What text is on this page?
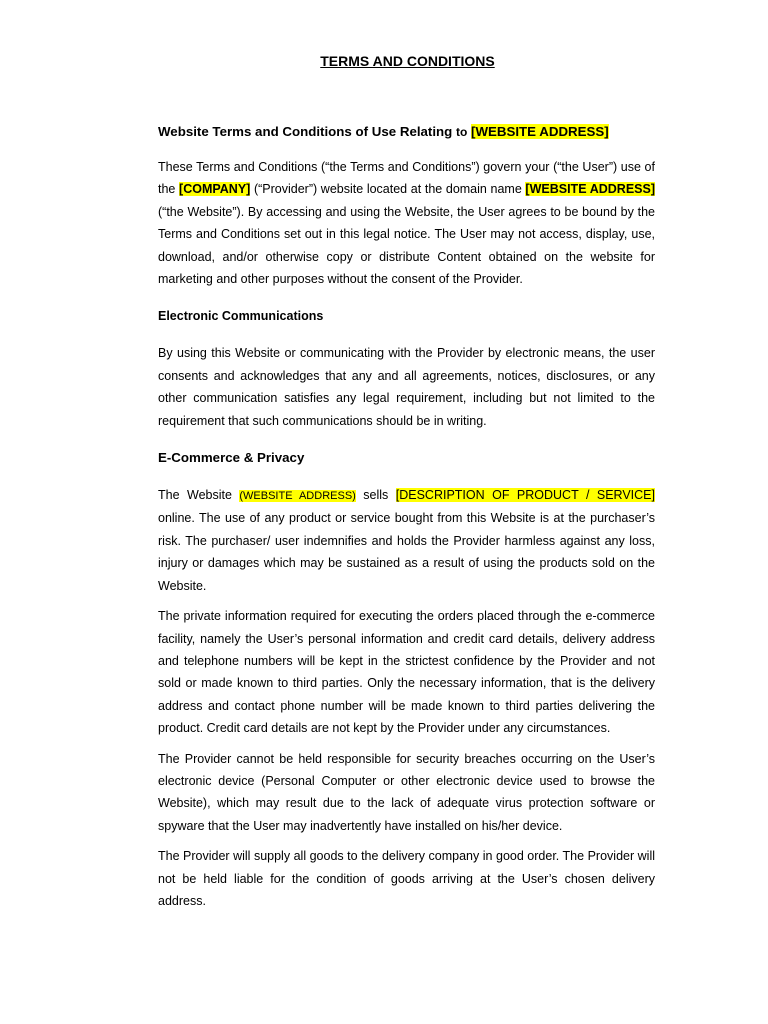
TERMS AND CONDITIONS
Website Terms and Conditions of Use Relating to [WEBSITE ADDRESS]

These Terms and Conditions (“the Terms and Conditions”) govern your (“the User”) use of the [COMPANY] (“Provider”) website located at the domain name [WEBSITE ADDRESS] (“the Website”). By accessing and using the Website, the User agrees to be bound by the Terms and Conditions set out in this legal notice. The User may not access, display, use, download, and/or otherwise copy or distribute Content obtained on the website for marketing and other purposes without the consent of the Provider.

Electronic Communications

By using this Website or communicating with the Provider by electronic means, the user consents and acknowledges that any and all agreements, notices, disclosures, or any other communication satisfies any legal requirement, including but not limited to the requirement that such communications should be in writing.

E-Commerce & Privacy

The Website (WEBSITE ADDRESS) sells [DESCRIPTION OF PRODUCT / SERVICE] online. The use of any product or service bought from this Website is at the purchaser’s risk. The purchaser/ user indemnifies and holds the Provider harmless against any loss, injury or damages which may be sustained as a result of using the products sold on the Website.

The private information required for executing the orders placed through the e-commerce facility, namely the User’s personal information and credit card details, delivery address and telephone numbers will be kept in the strictest confidence by the Provider and not sold or made known to third parties. Only the necessary information, that is the delivery address and contact phone number will be made known to third parties delivering the product. Credit card details are not kept by the Provider under any circumstances.

The Provider cannot be held responsible for security breaches occurring on the User’s electronic device (Personal Computer or other electronic device used to browse the Website), which may result due to the lack of adequate virus protection software or spyware that the User may inadvertently have installed on his/her device.

The Provider will supply all goods to the delivery company in good order. The Provider will not be held liable for the condition of goods arriving at the User’s chosen delivery address.
